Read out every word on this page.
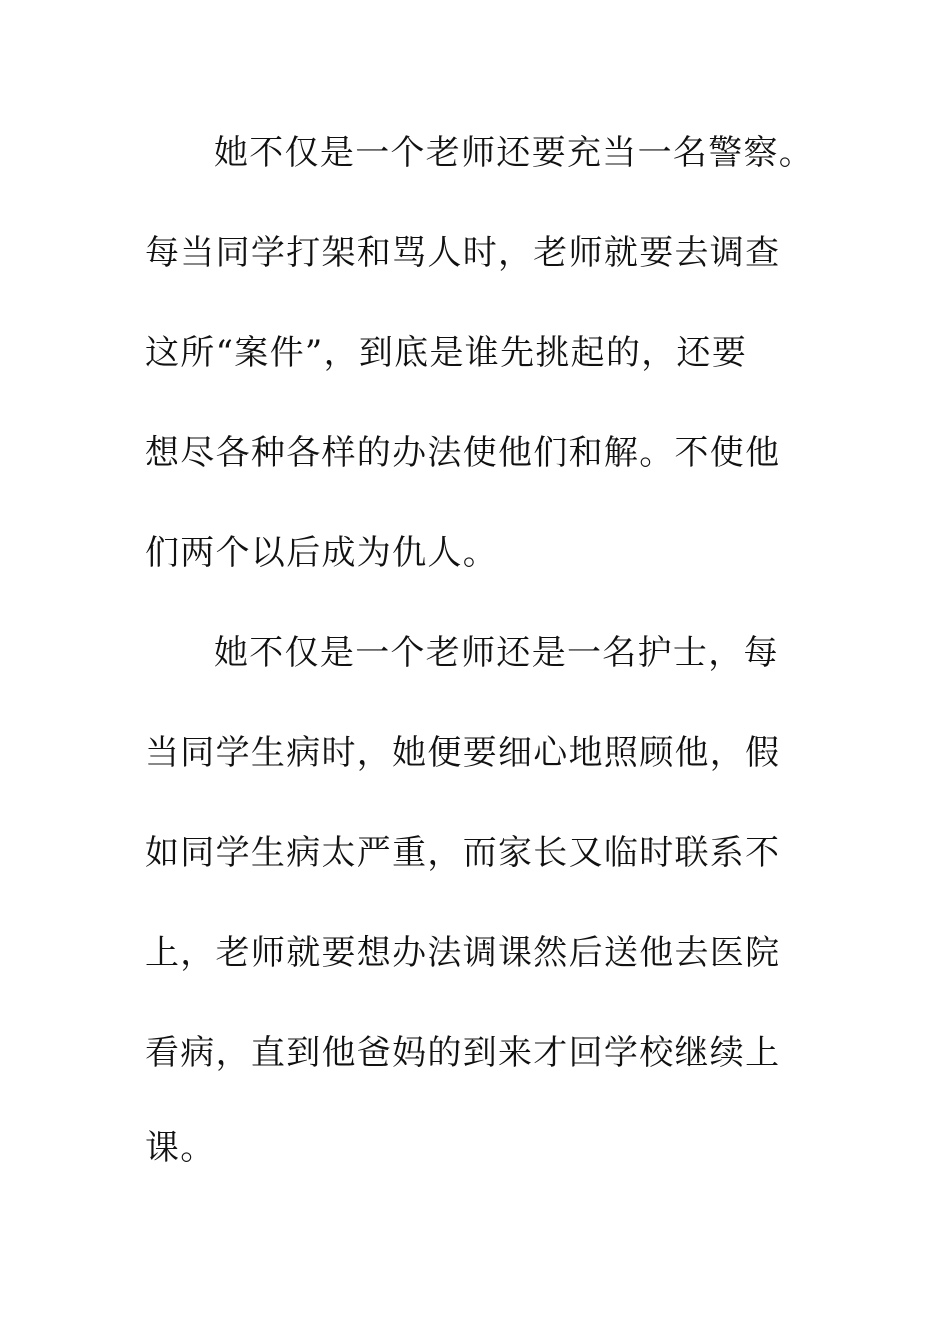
她不仅是一个老师还要充当一名警察。
每当同学打架和骂人时，老师就要去调查
这所“案件”，到底是谁先挑起的，还要
想尽各种各样的办法使他们和解。不使他
们两个以后成为仇人。
她不仅是一个老师还是一名护士，每
当同学生病时，她便要细心地照顾他，假
如同学生病太严重，而家长又临时联系不
上，老师就要想办法调课然后送他去医院
看病，直到他爸妈的到来才回学校继续上
课。
